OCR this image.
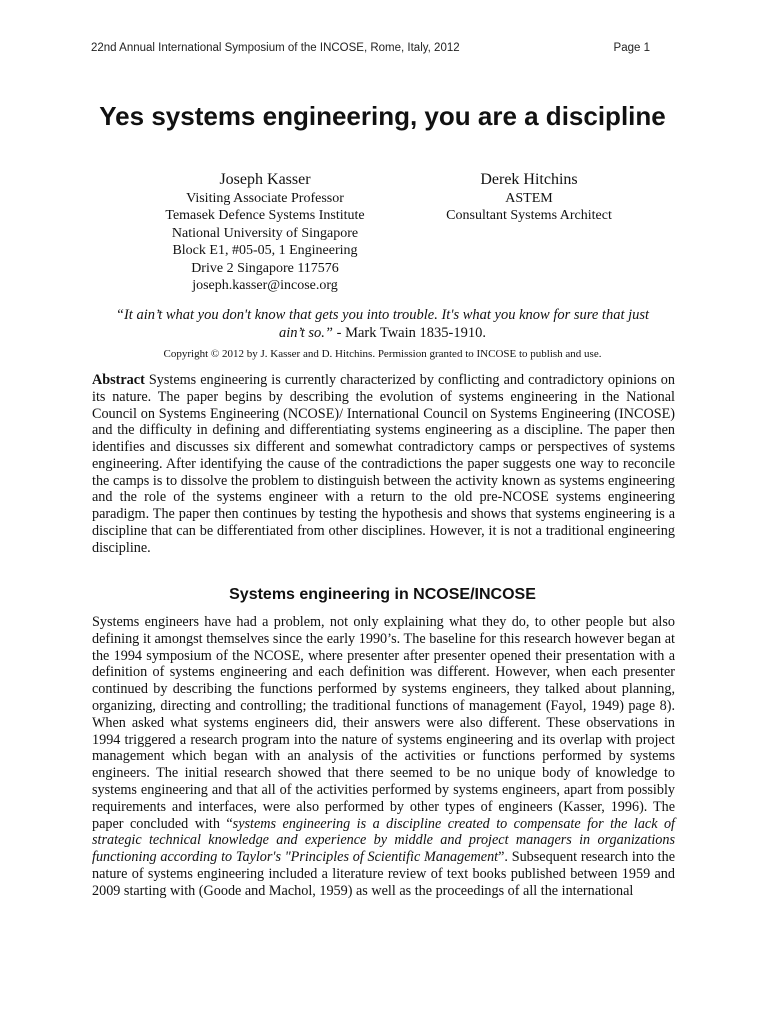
22nd Annual International Symposium of the INCOSE, Rome, Italy, 2012	Page 1
Yes systems engineering, you are a discipline
Joseph Kasser
Visiting Associate Professor
Temasek Defence Systems Institute
National University of Singapore
Block E1, #05-05, 1 Engineering
Drive 2 Singapore 117576
joseph.kasser@incose.org
Derek Hitchins
ASTEM
Consultant Systems Architect
“It ain’t what you don't know that gets you into trouble. It's what you know for sure that just ain’t so.” - Mark Twain 1835-1910.
Copyright © 2012 by J. Kasser and D. Hitchins. Permission granted to INCOSE to publish and use.
Abstract Systems engineering is currently characterized by conflicting and contradictory opinions on its nature. The paper begins by describing the evolution of systems engineering in the National Council on Systems Engineering (NCOSE)/ International Council on Systems Engineering (INCOSE) and the difficulty in defining and differentiating systems engineering as a discipline. The paper then identifies and discusses six different and somewhat contradictory camps or perspectives of systems engineering. After identifying the cause of the contradictions the paper suggests one way to reconcile the camps is to dissolve the problem to distinguish between the activity known as systems engineering and the role of the systems engineer with a return to the old pre-NCOSE systems engineering paradigm. The paper then continues by testing the hypothesis and shows that systems engineering is a discipline that can be differentiated from other disciplines. However, it is not a traditional engineering discipline.
Systems engineering in NCOSE/INCOSE
Systems engineers have had a problem, not only explaining what they do, to other people but also defining it amongst themselves since the early 1990’s. The baseline for this research however began at the 1994 symposium of the NCOSE, where presenter after presenter opened their presentation with a definition of systems engineering and each definition was different. However, when each presenter continued by describing the functions performed by systems engineers, they talked about planning, organizing, directing and controlling; the traditional functions of management (Fayol, 1949) page 8). When asked what systems engineers did, their answers were also different. These observations in 1994 triggered a research program into the nature of systems engineering and its overlap with project management which began with an analysis of the activities or functions performed by systems engineers. The initial research showed that there seemed to be no unique body of knowledge to systems engineering and that all of the activities performed by systems engineers, apart from possibly requirements and interfaces, were also performed by other types of engineers (Kasser, 1996). The paper concluded with “systems engineering is a discipline created to compensate for the lack of strategic technical knowledge and experience by middle and project managers in organizations functioning according to Taylor's "Principles of Scientific Management”. Subsequent research into the nature of systems engineering included a literature review of text books published between 1959 and 2009 starting with (Goode and Machol, 1959) as well as the proceedings of all the international
